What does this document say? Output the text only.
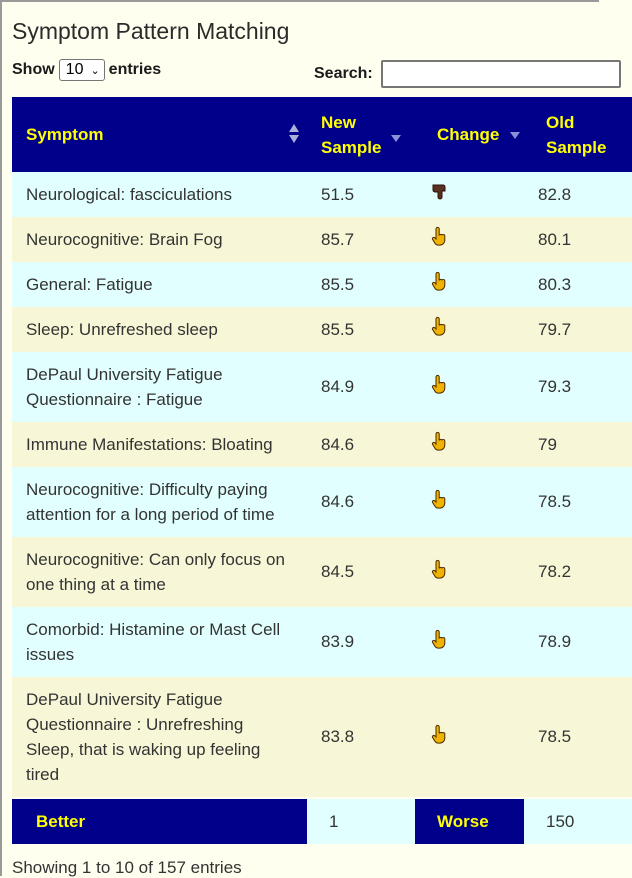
Symptom Pattern Matching
Show 10 ⌄ entries	Search:
Symptom	New Sample	Change	Old Sample
Neurological: fasciculations	51.5		82.8
Neurocognitive: Brain Fog	85.7		80.1
General: Fatigue	85.5		80.3
Sleep: Unrefreshed sleep	85.5		79.7
DePaul University Fatigue Questionnaire : Fatigue	84.9		79.3
Immune Manifestations: Bloating	84.6		79
Neurocognitive: Difficulty paying attention for a long period of time	84.6		78.5
Neurocognitive: Can only focus on one thing at a time	84.5		78.2
Comorbid: Histamine or Mast Cell issues	83.9		78.9
DePaul University Fatigue Questionnaire : Unrefreshing Sleep, that is waking up feeling tired	83.8		78.5
Better	1	Worse	150
Showing 1 to 10 of 157 entries
